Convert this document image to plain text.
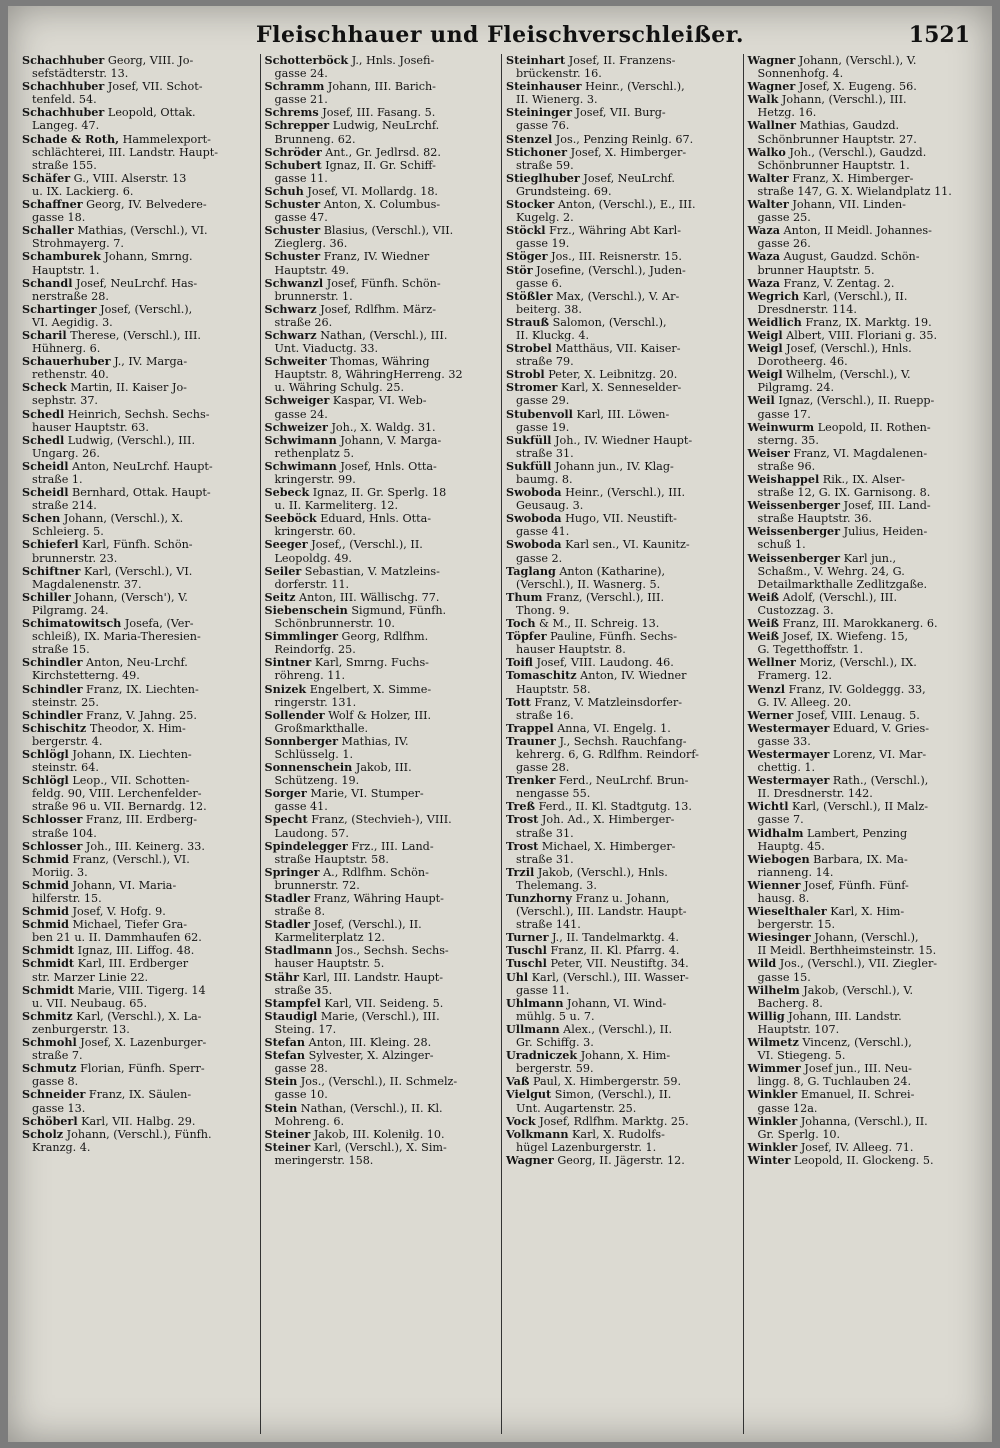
Fleischhauer und Fleischverschleißer.	1521
Schachhuber Georg, VIII. Jo-
sefstädterstr. 13.
Schachhuber Josef, VII. Schot-
tenfeld. 54.
Schachhuber Leopold, Ottak.
Langeg. 47.
Schade & Roth, Hammelexport-
schlächterei, III. Landstr. Haupt-
straße 155.
Schäfer G., VIII. Alserstr. 13
u. IX. Lackierg. 6.
Schaffner Georg, IV. Belvedere-
gasse 18.
Schaller Mathias, (Verschl.), VI.
Strohmayerg. 7.
Schamburek Johann, Smrng.
Hauptstr. 1.
Schandl Josef, NeuLrchf. Has-
nerstraße 28.
Schartinger Josef, (Verschl.),
VI. Aegidig. 3.
Scharil Therese, (Verschl.), III.
Hühnerg. 6.
Schauerhuber J., IV. Marga-
rethenstr. 40.
Scheck Martin, II. Kaiser Jo-
sephstr. 37.
Schedl Heinrich, Sechsh. Sechs-
hauser Hauptstr. 63.
Schedl Ludwig, (Verschl.), III.
Ungarg. 26.
Scheidl Anton, NeuLrchf. Haupt-
straße 1.
Scheidl Bernhard, Ottak. Haupt-
straße 214.
Schen Johann, (Verschl.), X.
Schleierg. 5.
Schieferl Karl, Fünfh. Schön-
brunnerstr. 23.
Schiftner Karl, (Verschl.), VI.
Magdalenenstr. 37.
Schiller Johann, (Versch'), V.
Pilgramg. 24.
Schimatowitsch Josefa, (Ver-
schleiß), IX. Maria-Theresien-
straße 15.
Schindler Anton, Neu-Lrchf.
Kirchstetterng. 49.
Schindler Franz, IX. Liechten-
steinstr. 25.
Schindler Franz, V. Jahng. 25.
Schischitz Theodor, X. Him-
bergerstr. 4.
Schlögl Johann, IX. Liechten-
steinstr. 64.
Schlögl Leop., VII. Schotten-
feldg. 90, VIII. Lerchenfelder-
straße 96 u. VII. Bernardg. 12.
Schlosser Franz, III. Erdberg-
straße 104.
Schlosser Joh., III. Keinerg. 33.
Schmid Franz, (Verschl.), VI.
Moriig. 3.
Schmid Johann, VI. Maria-
hilferstr. 15.
Schmid Josef, V. Hofg. 9.
Schmid Michael, Tiefer Gra-
ben 21 u. II. Dammhaufen 62.
Schmidt Ignaz, III. Liffog. 48.
Schmidt Karl, III. Erdberger
str. Marzer Linie 22.
Schmidt Marie, VIII. Tigerg. 14
u. VII. Neubaug. 65.
Schmitz Karl, (Verschl.), X. La-
zenburgerstr. 13.
Schmohl Josef, X. Lazenburger-
straße 7.
Schmutz Florian, Fünfh. Sperr-
gasse 8.
Schneider Franz, IX. Säulen-
gasse 13.
Schöberl Karl, VII. Halbg. 29.
Scholz Johann, (Verschl.), Fünfh.
Kranzg. 4.
Schotterböck J., Hnls. Josefi-
gasse 24.
Schramm Johann, III. Barich-
gasse 21.
Schrems Josef, III. Fasang. 5.
Schrepper Ludwig, NeuLrchf.
Brunneng. 62.
Schröder Ant., Gr. Jedlrsd. 82.
Schubert Ignaz, II. Gr. Schiff-
gasse 11.
Schuh Josef, VI. Mollardg. 18.
Schuster Anton, X. Columbus-
gasse 47.
Schuster Blasius, (Verschl.), VII.
Zieglerg. 36.
Schuster Franz, IV. Wiedner
Hauptstr. 49.
Schwanzl Josef, Fünfh. Schön-
brunnerstr. 1.
Schwarz Josef, Rdlfhm. März-
straße 26.
Schwarz Nathan, (Verschl.), III.
Unt. Viaductg. 33.
Schweiter Thomas, Währing
Hauptstr. 8, WähringHerreng. 32
u. Währing Schulg. 25.
Schweiger Kaspar, VI. Web-
gasse 24.
Schweizer Joh., X. Waldg. 31.
Schwimann Johann, V. Marga-
rethenplatz 5.
Schwimann Josef, Hnls. Otta-
kringerstr. 99.
Sebeck Ignaz, II. Gr. Sperlg. 18
u. II. Karmeliterg. 12.
Seeböck Eduard, Hnls. Otta-
kringerstr. 60.
Seeger Josef,, (Verschl.), II.
Leopoldg. 49.
Seiler Sebastian, V. Matzleins-
dorferstr. 11.
Seitz Anton, III. Wällischg. 77.
Siebenschein Sigmund, Fünfh.
Schönbrunnerstr. 10.
Simmlinger Georg, Rdlfhm.
Reindorfg. 25.
Sintner Karl, Smrng. Fuchs-
röhreng. 11.
Snizek Engelbert, X. Simme-
ringerstr. 131.
Sollender Wolf & Holzer, III.
Großmarkthalle.
Sonnberger Mathias, IV.
Schlüsselg. 1.
Sonnenschein Jakob, III.
Schützeng. 19.
Sorger Marie, VI. Stumper-
gasse 41.
Specht Franz, (Stechvieh-), VIII.
Laudong. 57.
Spindelegger Frz., III. Land-
straße Hauptstr. 58.
Springer A., Rdlfhm. Schön-
brunnerstr. 72.
Stadler Franz, Währing Haupt-
straße 8.
Stadler Josef, (Verschl.), II.
Karmeliterplatz 12.
Stadlmann Jos., Sechsh. Sechs-
hauser Hauptstr. 5.
Stähr Karl, III. Landstr. Haupt-
straße 35.
Stampfel Karl, VII. Seideng. 5.
Staudigl Marie, (Verschl.), III.
Steing. 17.
Stefan Anton, III. Kleing. 28.
Stefan Sylvester, X. Alzinger-
gasse 28.
Stein Jos., (Verschl.), II. Schmelz-
gasse 10.
Stein Nathan, (Verschl.), II. Kl.
Mohreng. 6.
Steiner Jakob, III. Koleniłg. 10.
Steiner Karl, (Verschl.), X. Sim-
meringerstr. 158.
Steinhart Josef, II. Franzens-
brückenstr. 16.
Steinhauser Heinr., (Verschl.),
II. Wienerg. 3.
Steininger Josef, VII. Burg-
gasse 76.
Stenzel Jos., Penzing Reinlg. 67.
Stichoner Josef, X. Himberger-
straße 59.
Stieglhuber Josef, NeuLrchf.
Grundsteing. 69.
Stocker Anton, (Verschl.), E., III.
Kugelg. 2.
Stöckl Frz., Währing Abt Karl-
gasse 19.
Stöger Jos., III. Reisnerstr. 15.
Stör Josefine, (Verschl.), Juden-
gasse 6.
Stößler Max, (Verschl.), V. Ar-
beiterg. 38.
Strauß Salomon, (Verschl.),
II. Kluckg. 4.
Strobel Matthäus, VII. Kaiser-
straße 79.
Strobl Peter, X. Leibnitzg. 20.
Stromer Karl, X. Senneselder-
gasse 29.
Stubenvoll Karl, III. Löwen-
gasse 19.
Sukfüll Joh., IV. Wiedner Haupt-
straße 31.
Sukfüll Johann jun., IV. Klag-
baumg. 8.
Swoboda Heinr., (Verschl.), III.
Geusaug. 3.
Swoboda Hugo, VII. Neustift-
gasse 41.
Swoboda Karl sen., VI. Kaunitz-
gasse 2.
Taglang Anton (Katharine),
(Verschl.), II. Wasnerg. 5.
Thum Franz, (Verschl.), III.
Thong. 9.
Toch & M., II. Schreig. 13.
Töpfer Pauline, Fünfh. Sechs-
hauser Hauptstr. 8.
Toifl Josef, VIII. Laudong. 46.
Tomaschitz Anton, IV. Wiedner
Hauptstr. 58.
Tott Franz, V. Matzleinsdorfer-
straße 16.
Trappel Anna, VI. Engelg. 1.
Trauner J., Sechsh. Rauchfang-
kehrerg. 6, G. Rdlfhm. Reindorf-
gasse 28.
Trenker Ferd., NeuLrchf. Brun-
nengasse 55.
Treß Ferd., II. Kl. Stadtgutg. 13.
Trost Joh. Ad., X. Himberger-
straße 31.
Trost Michael, X. Himberger-
straße 31.
Trzil Jakob, (Verschl.), Hnls.
Thelemang. 3.
Tunzhorny Franz u. Johann,
(Verschl.), III. Landstr. Haupt-
straße 141.
Turner J., II. Tandelmarktg. 4.
Tuschl Franz, II. Kl. Pfarrg. 4.
Tuschl Peter, VII. Neustiftg. 34.
Uhl Karl, (Verschl.), III. Wasser-
gasse 11.
Uhlmann Johann, VI. Wind-
mühlg. 5 u. 7.
Ullmann Alex., (Verschl.), II.
Gr. Schiffg. 3.
Uradniczek Johann, X. Him-
bergerstr. 59.
Vaß Paul, X. Himbergerstr. 59.
Vielgut Simon, (Verschl.), II.
Unt. Augartenstr. 25.
Vock Josef, Rdlfhm. Marktg. 25.
Volkmann Karl, X. Rudolfs-
hügel Lazenburgerstr. 1.
Wagner Georg, II. Jägerstr. 12.
Wagner Johann, (Verschl.), V.
Sonnenhofg. 4.
Wagner Josef, X. Eugeng. 56.
Walk Johann, (Verschl.), III.
Hetzg. 16.
Wallner Mathias, Gaudzd.
Schönbrunner Hauptstr. 27.
Walko Joh., (Verschl.), Gaudzd.
Schönbrunner Hauptstr. 1.
Walter Franz, X. Himberger-
straße 147, G. X. Wielandplatz 11.
Walter Johann, VII. Linden-
gasse 25.
Waza Anton, II Meidl. Johannes-
gasse 26.
Waza August, Gaudzd. Schön-
brunner Hauptstr. 5.
Waza Franz, V. Zentag. 2.
Wegrich Karl, (Verschl.), II.
Dresdnerstr. 114.
Weidlich Franz, IX. Marktg. 19.
Weigl Albert, VIII. Floriani g. 35.
Weigl Josef, (Verschl.), Hnls.
Dorotheerg. 46.
Weigl Wilhelm, (Verschl.), V.
Pilgramg. 24.
Weil Ignaz, (Verschl.), II. Ruepp-
gasse 17.
Weinwurm Leopold, II. Rothen-
sterng. 35.
Weiser Franz, VI. Magdalenen-
straße 96.
Weishappel Rik., IX. Alser-
straße 12, G. IX. Garnisong. 8.
Weissenberger Josef, III. Land-
straße Hauptstr. 36.
Weissenberger Julius, Heiden-
schuß 1.
Weissenberger Karl jun.,
Schaßm., V. Wehrg. 24, G.
Detailmarkthalle Zedlitzgaße.
Weiß Adolf, (Verschl.), III.
Custozzag. 3.
Weiß Franz, III. Marokkanerg. 6.
Weiß Josef, IX. Wiefeng. 15,
G. Tegetthoffstr. 1.
Wellner Moriz, (Verschl.), IX.
Framerg. 12.
Wenzl Franz, IV. Goldeggg. 33,
G. IV. Alleeg. 20.
Werner Josef, VIII. Lenaug. 5.
Westermayer Eduard, V. Gries-
gasse 33.
Westermayer Lorenz, VI. Mar-
chettig. 1.
Westermayer Rath., (Verschl.),
II. Dresdnerstr. 142.
Wichtl Karl, (Verschl.), II Malz-
gasse 7.
Widhalm Lambert, Penzing
Hauptg. 45.
Wiebogen Barbara, IX. Ma-
rianneng. 14.
Wienner Josef, Fünfh. Fünf-
hausg. 8.
Wieselthaler Karl, X. Him-
bergerstr. 15.
Wiesinger Johann, (Verschl.),
II Meidl. Berthheimsteinstr. 15.
Wild Jos., (Verschl.), VII. Ziegler-
gasse 15.
Wilhelm Jakob, (Verschl.), V.
Bacherg. 8.
Willig Johann, III. Landstr.
Hauptstr. 107.
Wilmetz Vincenz, (Verschl.),
VI. Stiegeng. 5.
Wimmer Josef jun., III. Neu-
lingg. 8, G. Tuchlauben 24.
Winkler Emanuel, II. Schrei-
gasse 12a.
Winkler Johanna, (Verschl.), II.
Gr. Sperlg. 10.
Winkler Josef, IV. Alleeg. 71.
Winter Leopold, II. Glockeng. 5.
